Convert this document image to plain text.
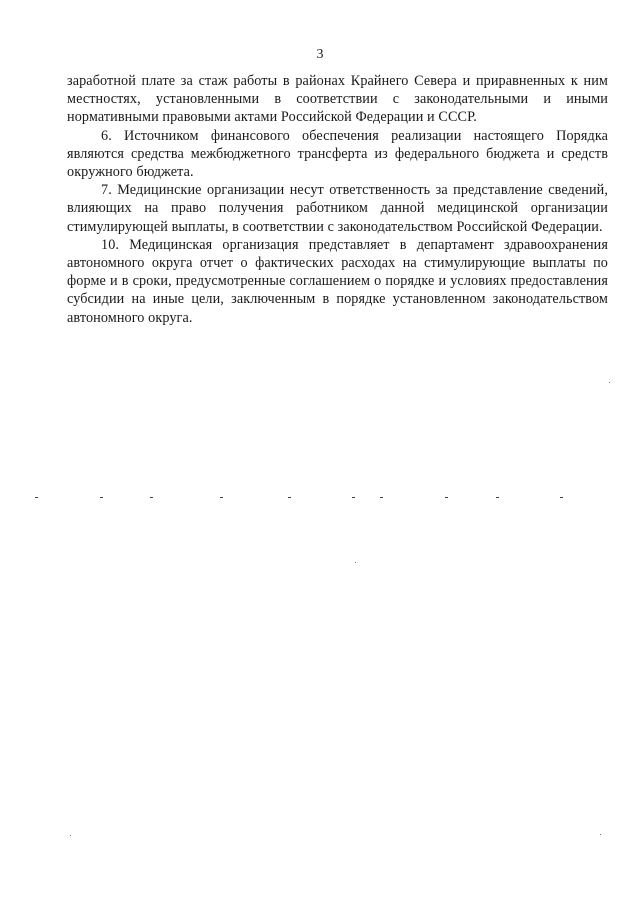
3

заработной плате за стаж работы в районах Крайнего Севера и приравненных к ним местностях, установленными в соответствии с законодательными и иными нормативными правовыми актами Российской Федерации и СССР.

6. Источником финансового обеспечения реализации настоящего Порядка являются средства межбюджетного трансферта из федерального бюджета и средств окружного бюджета.

7. Медицинские организации несут ответственность за представление сведений, влияющих на право получения работником данной медицинской организации стимулирующей выплаты, в соответствии с законодательством Российской Федерации.

10. Медицинская организация представляет в департамент здравоохранения автономного округа отчет о фактических расходах на стимулирующие выплаты по форме и в сроки, предусмотренные соглашением о порядке и условиях предоставления субсидии на иные цели, заключенным в порядке установленном законодательством автономного округа.
